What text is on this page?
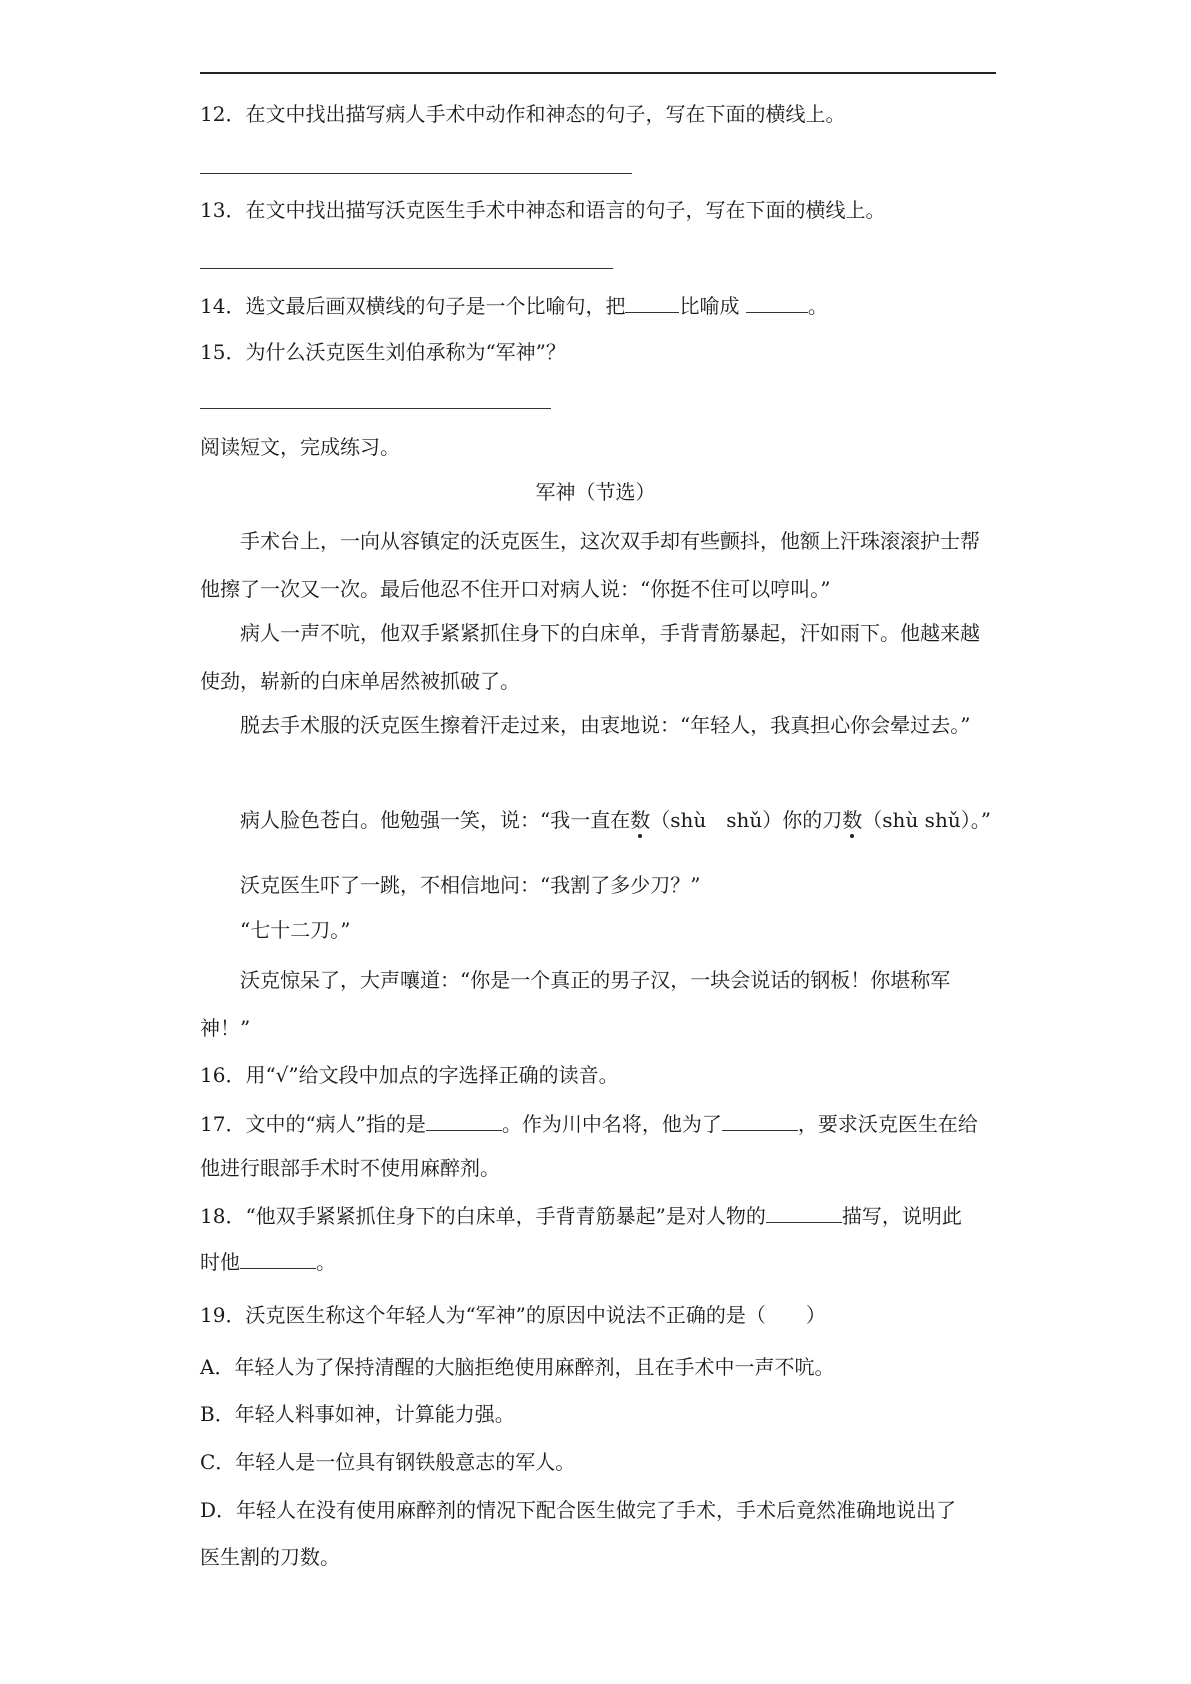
12．在文中找出描写病人手术中动作和神态的句子，写在下面的横线上。
13．在文中找出描写沃克医生手术中神态和语言的句子，写在下面的横线上。
14．选文最后画双横线的句子是一个比喻句，把	比喻成	。
15．为什么沃克医生刘伯承称为“军神”？
阅读短文，完成练习。
军神（节选）
手术台上，一向从容镇定的沃克医生，这次双手却有些颤抖，他额上汗珠滚滚护士帮他擦了一次又一次。最后他忍不住开口对病人说：“你挺不住可以哼叫。”
病人一声不吭，他双手紧紧抓住身下的白床单，手背青筋暴起，汗如雨下。他越来越使劲，崭新的白床单居然被抓破了。
脱去手术服的沃克医生擦着汗走过来，由衷地说：“年轻人，我真担心你会晕过去。”
病人脸色苍白。他勉强一笑，说：“我一直在数（shù　shǔ）你的刀数（shù shǔ）。”
沃克医生吓了一跳，不相信地问：“我割了多少刀？”
“七十二刀。”
沃克惊呆了，大声嚷道：“你是一个真正的男子汉，一块会说话的钢板！你堪称军神！”
16．用“√”给文段中加点的字选择正确的读音。
17．文中的“病人”指的是	。作为川中名将，他为了	，要求沃克医生在给
他进行眼部手术时不使用麻醉剂。
18．“他双手紧紧抓住身下的白床单，手背青筋暴起”是对人物的	描写，说明此
时他	。
19．沃克医生称这个年轻人为“军神”的原因中说法不正确的是（　　）
A．年轻人为了保持清醒的大脑拒绝使用麻醉剂，且在手术中一声不吭。
B．年轻人料事如神，计算能力强。
C．年轻人是一位具有钢铁般意志的军人。
D．年轻人在没有使用麻醉剂的情况下配合医生做完了手术，手术后竟然准确地说出了
医生割的刀数。
